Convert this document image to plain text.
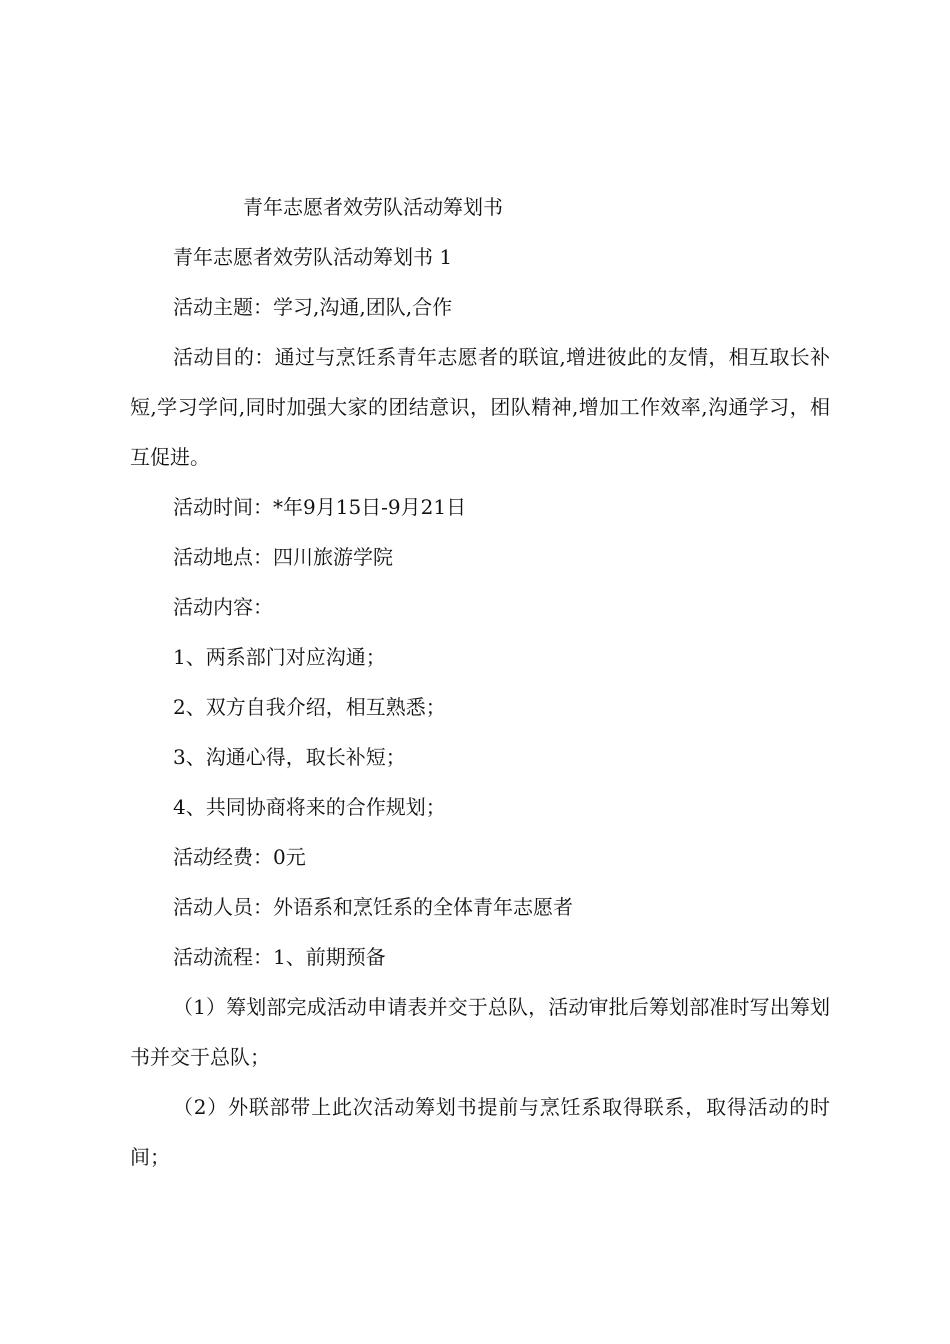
青年志愿者效劳队活动筹划书

青年志愿者效劳队活动筹划书 1

活动主题：学习,沟通,团队,合作

活动目的：通过与烹饪系青年志愿者的联谊,增进彼此的友情，相互取长补短,学习学问,同时加强大家的团结意识，团队精神,增加工作效率,沟通学习，相互促进。

活动时间：*年9月15日-9月21日

活动地点：四川旅游学院

活动内容：

1、两系部门对应沟通；

2、双方自我介绍，相互熟悉；

3、沟通心得，取长补短；

4、共同协商将来的合作规划；

活动经费：0元

活动人员：外语系和烹饪系的全体青年志愿者

活动流程：1、前期预备

（1）筹划部完成活动申请表并交于总队，活动审批后筹划部准时写出筹划书并交于总队；

（2）外联部带上此次活动筹划书提前与烹饪系取得联系，取得活动的时间；
